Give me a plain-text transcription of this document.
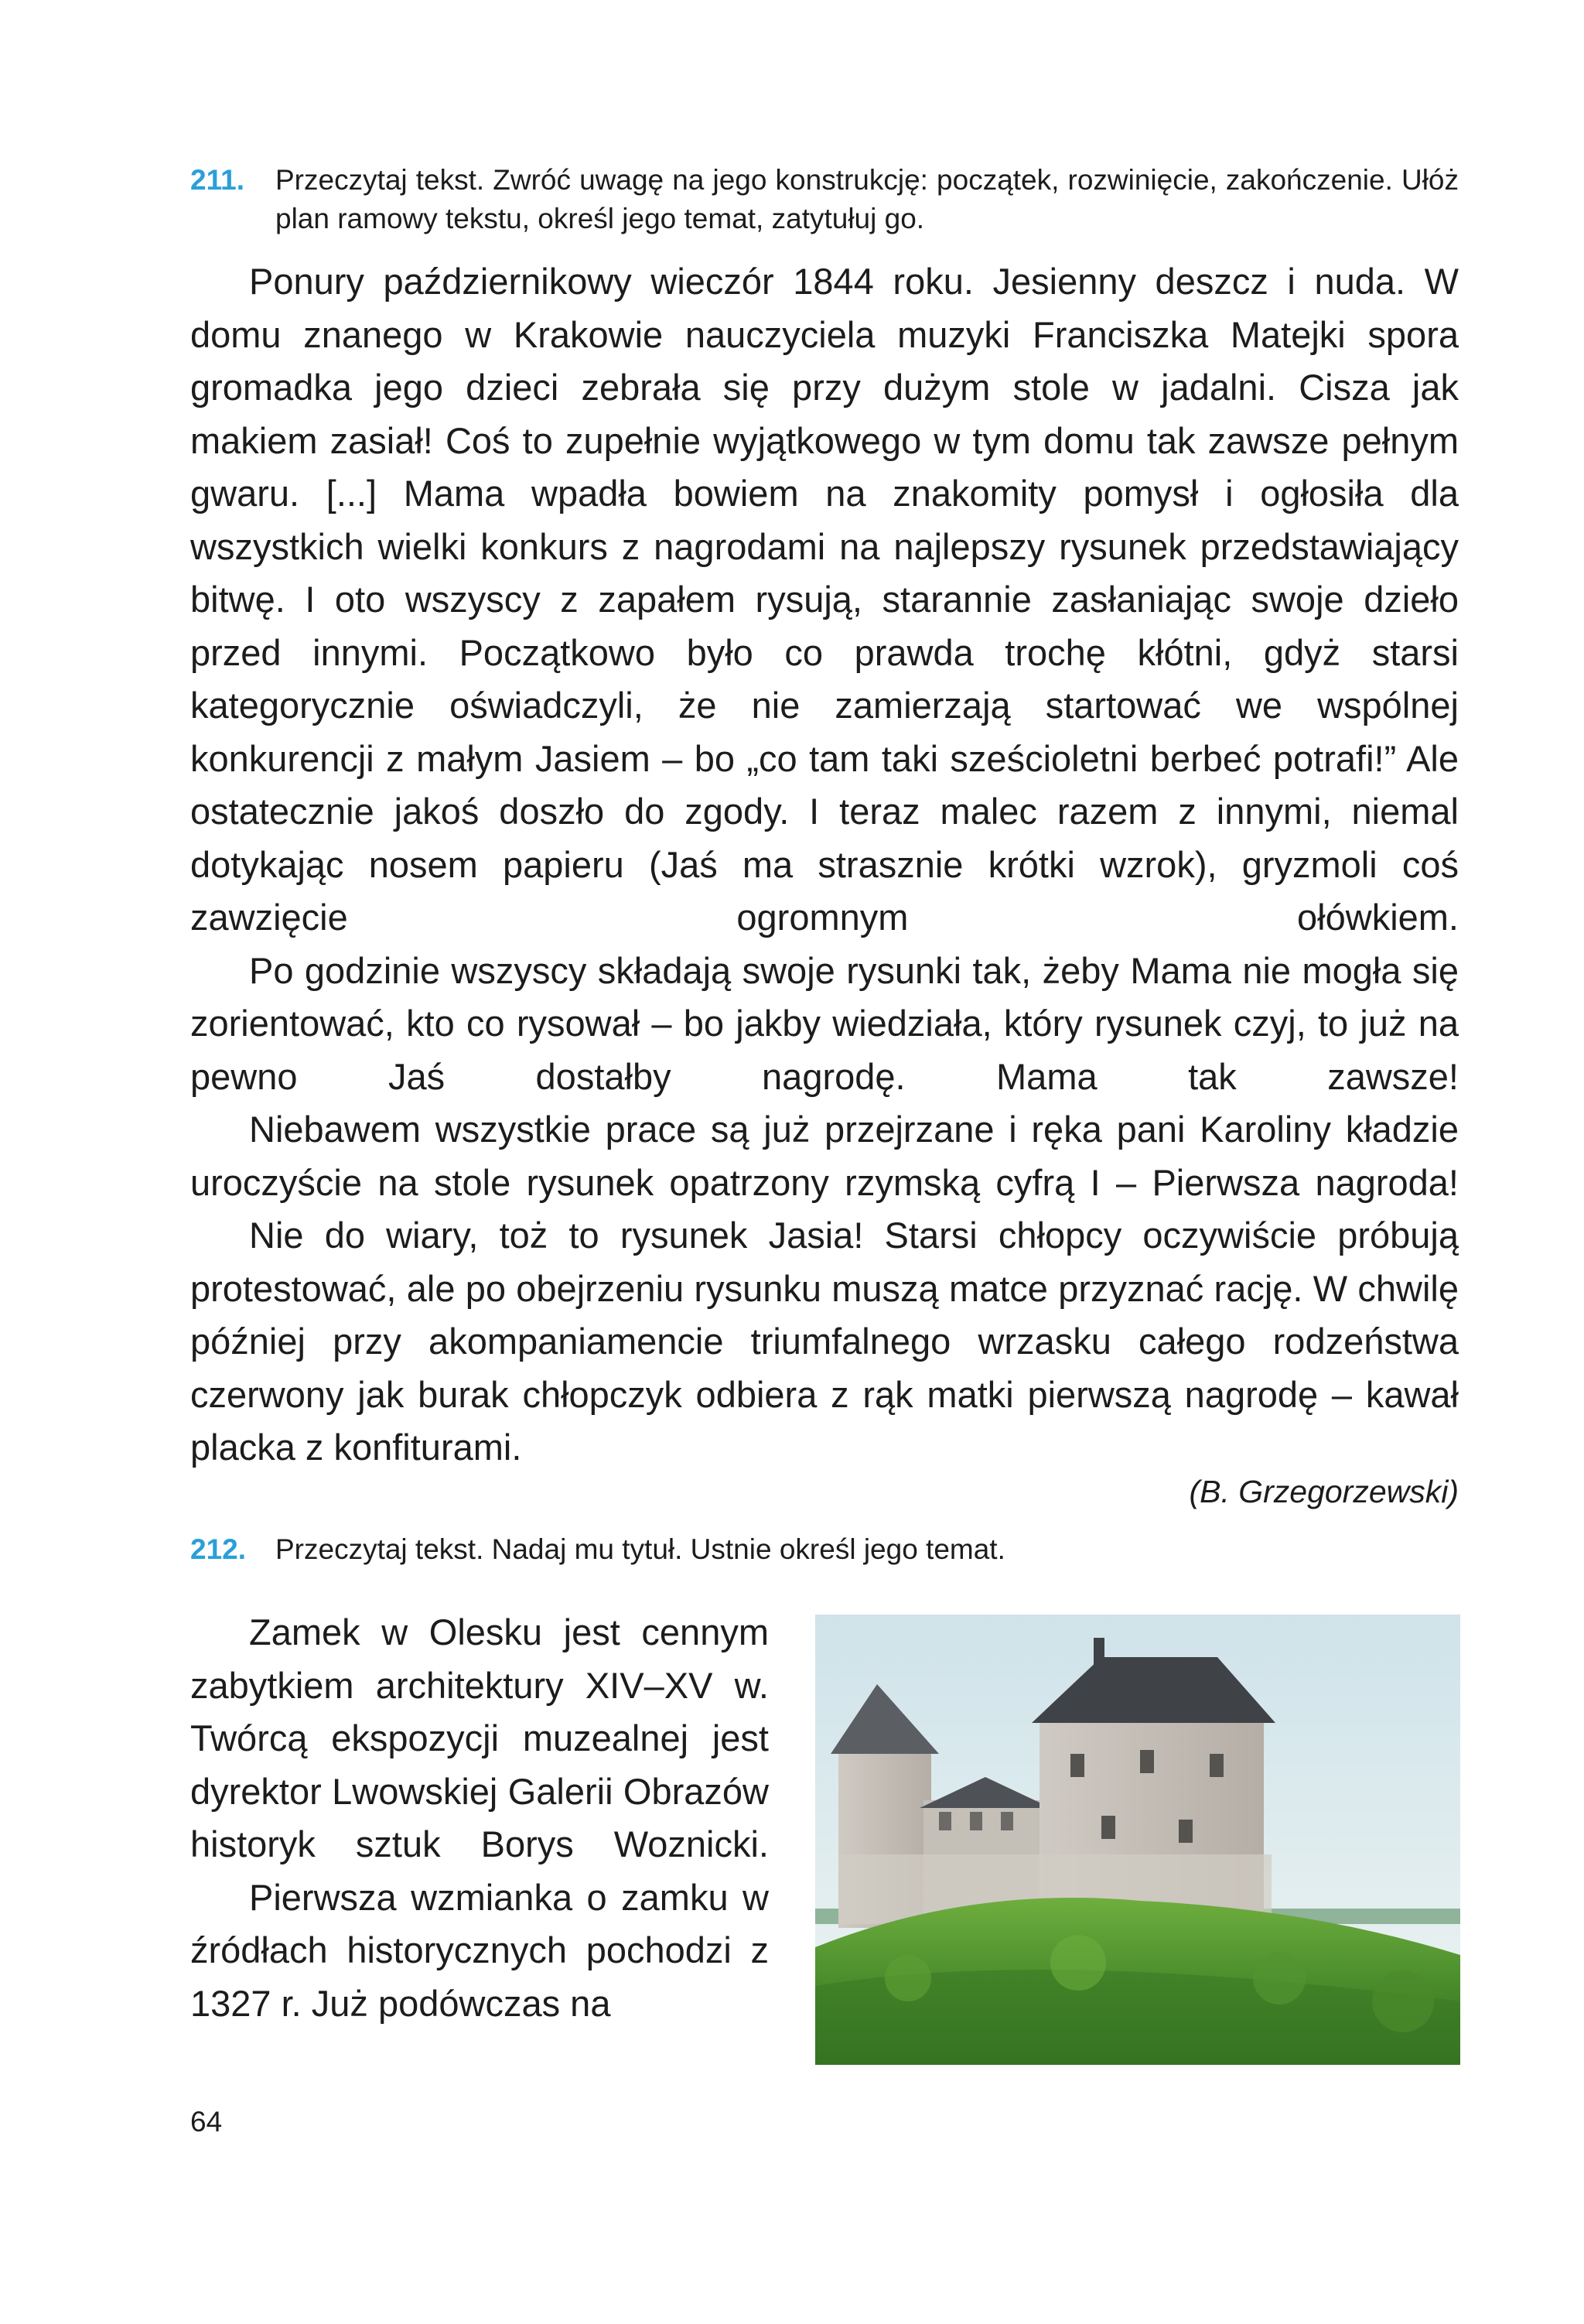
211. Przeczytaj tekst. Zwróć uwagę na jego konstrukcję: początek, rozwinięcie, zakończenie. Ułóż plan ramowy tekstu, określ jego temat, zatytułuj go.

Ponury październikowy wieczór 1844 roku. Jesienny deszcz i nuda. W domu znanego w Krakowie nauczyciela muzyki Franciszka Matejki spora gromadka jego dzieci zebrała się przy dużym stole w jadalni. Cisza jak makiem zasiał! Coś to zupełnie wyjątkowego w tym domu tak zawsze pełnym gwaru. [...] Mama wpadła bowiem na znakomity pomysł i ogłosiła dla wszystkich wielki konkurs z nagrodami na najlepszy rysunek przedstawiający bitwę. I oto wszyscy z zapałem rysują, starannie zasłaniając swoje dzieło przed innymi. Początkowo było co prawda trochę kłótni, gdyż starsi kategorycznie oświadczyli, że nie zamierzają startować we wspólnej konkurencji z małym Jasiem – bo „co tam taki sześcioletni berbeć potrafi!” Ale ostatecznie jakoś doszło do zgody. I teraz malec razem z innymi, niemal dotykając nosem papieru (Jaś ma strasznie krótki wzrok), gryzmoli coś zawzięcie ogromnym ołówkiem.

Po godzinie wszyscy składają swoje rysunki tak, żeby Mama nie mogła się zorientować, kto co rysował – bo jakby wiedziała, który rysunek czyj, to już na pewno Jaś dostałby nagrodę. Mama tak zawsze!

Niebawem wszystkie prace są już przejrzane i ręka pani Karoliny kładzie uroczyście na stole rysunek opatrzony rzymską cyfrą I – Pierwsza nagroda!

Nie do wiary, toż to rysunek Jasia! Starsi chłopcy oczywiście próbują protestować, ale po obejrzeniu rysunku muszą matce przyznać rację. W chwilę później przy akompaniamencie triumfalnego wrzasku całego rodzeństwa czerwony jak burak chłopczyk odbiera z rąk matki pierwszą nagrodę – kawał placka z konfiturami.

(B. Grzegorzewski)
212. Przeczytaj tekst. Nadaj mu tytuł. Ustnie określ jego temat.

Zamek w Olesku jest cennym zabytkiem architektury XIV–XV w. Twórcą ekspozycji muzealnej jest dyrektor Lwowskiej Galerii Obrazów historyk sztuk Borys Woznicki.

Pierwsza wzmianka o zamku w źródłach historycznych pochodzi z 1327 r. Już podówczas na

64
